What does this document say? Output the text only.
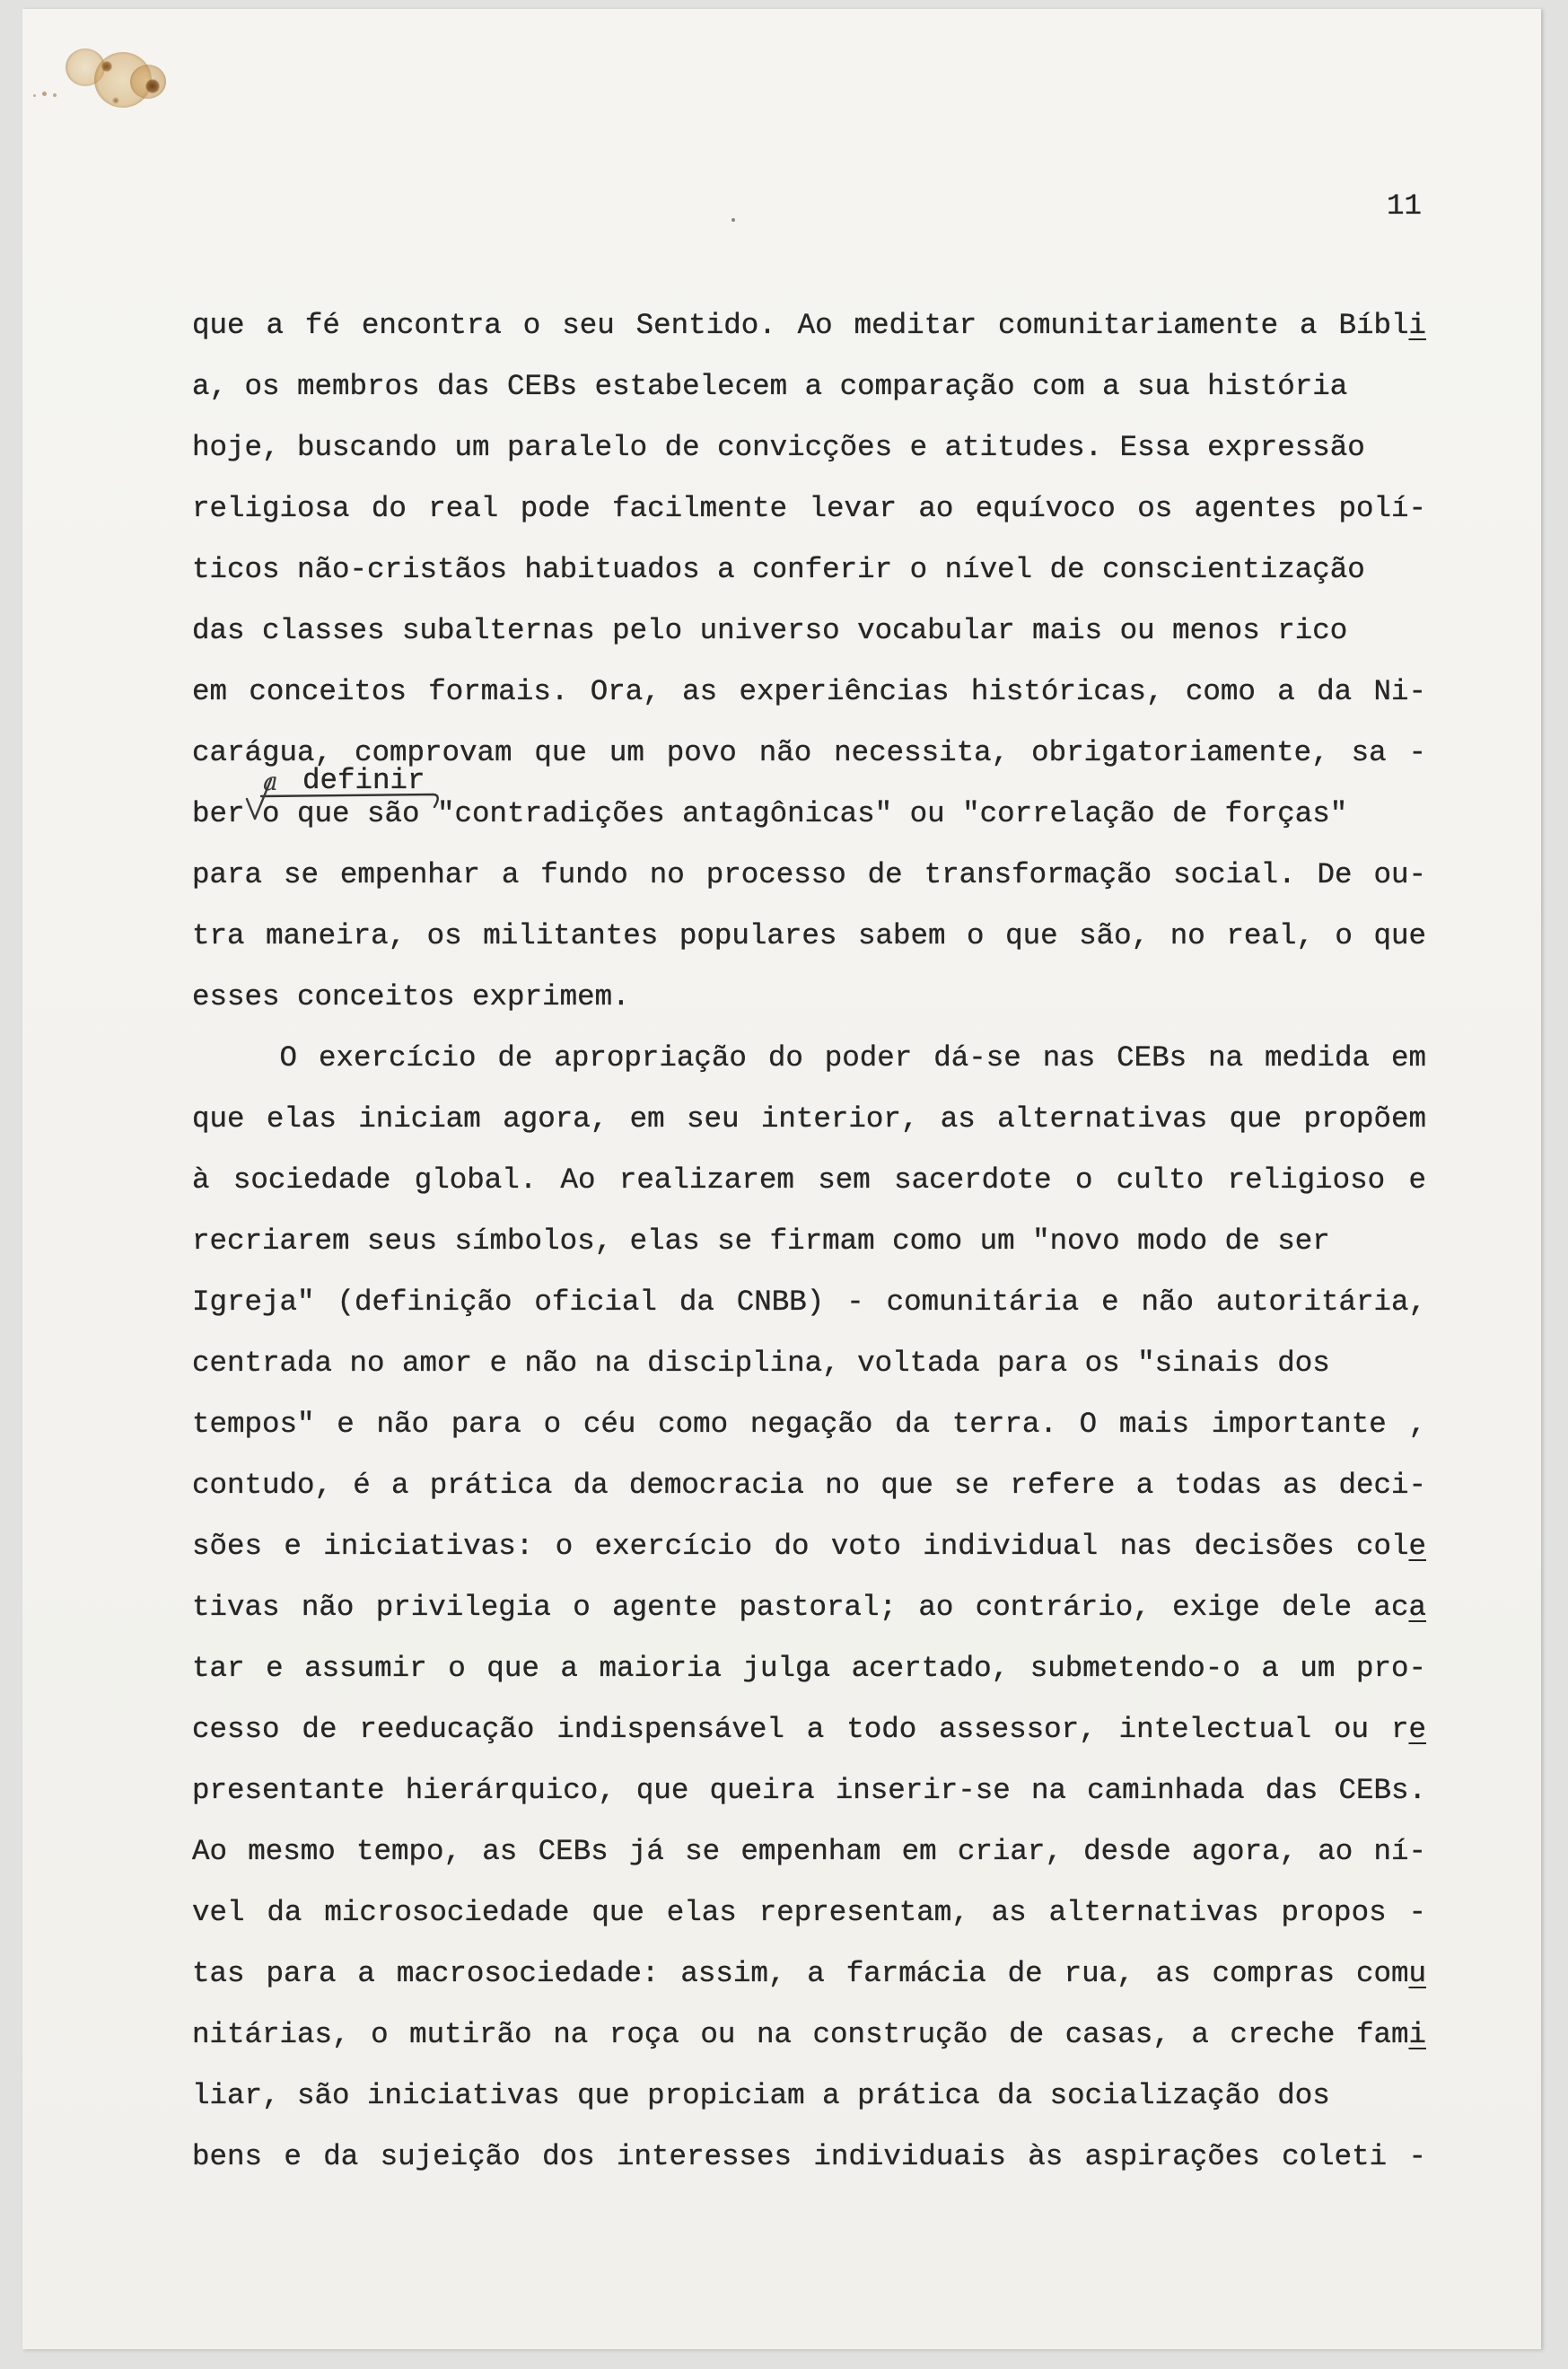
11
a definir
que a fé encontra o seu Sentido. Ao meditar comunitariamente a Bíbli
a, os membros das CEBs estabelecem a comparação com a sua história
hoje, buscando um paralelo de convicções e atitudes. Essa expressão
religiosa do real pode facilmente levar ao equívoco os agentes polí-
ticos não-cristãos habituados a conferir o nível de conscientização
das classes subalternas pelo universo vocabular mais ou menos rico
em conceitos formais. Ora, as experiências históricas, como a da Ni-
carágua, comprovam que um povo não necessita, obrigatoriamente, sa -
ber o que são "contradições antagônicas" ou "correlação de forças"
para se empenhar a fundo no processo de transformação social. De ou-
tra maneira, os militantes populares sabem o que são, no real, o que
esses conceitos exprimem.
O exercício de apropriação do poder dá-se nas CEBs na medida em
que elas iniciam agora, em seu interior, as alternativas que propõem
à sociedade global. Ao realizarem sem sacerdote o culto religioso e
recriarem seus símbolos, elas se firmam como um "novo modo de ser
Igreja" (definição oficial da CNBB) - comunitária e não autoritária,
centrada no amor e não na disciplina, voltada para os "sinais dos
tempos" e não para o céu como negação da terra. O mais importante ,
contudo, é a prática da democracia no que se refere a todas as deci-
sões e iniciativas: o exercício do voto individual nas decisões cole
tivas não privilegia o agente pastoral; ao contrário, exige dele aca
tar e assumir o que a maioria julga acertado, submetendo-o a um pro-
cesso de reeducação indispensável a todo assessor, intelectual ou re
presentante hierárquico, que queira inserir-se na caminhada das CEBs.
Ao mesmo tempo, as CEBs já se empenham em criar, desde agora, ao ní-
vel da microsociedade que elas representam, as alternativas propos -
tas para a macrosociedade: assim, a farmácia de rua, as compras comu
nitárias, o mutirão na roça ou na construção de casas, a creche fami
liar, são iniciativas que propiciam a prática da socialização dos
bens e da sujeição dos interesses individuais às aspirações coleti -
